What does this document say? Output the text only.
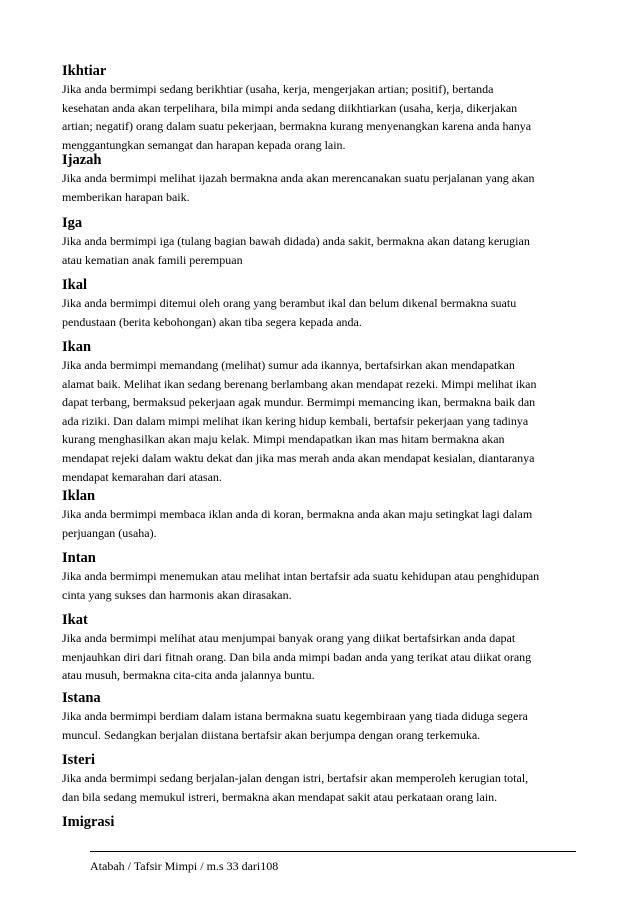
Ikhtiar

Jika anda bermimpi sedang berikhtiar (usaha, kerja, mengerjakan artian; positif), bertanda
kesehatan anda akan terpelihara, bila mimpi anda sedang diikhtiarkan (usaha, kerja, dikerjakan
artian; negatif) orang dalam suatu pekerjaan, bermakna kurang menyenangkan karena anda hanya
menggantungkan semangat dan harapan kepada orang lain.

Ijazah

Jika anda bermimpi melihat ijazah bermakna anda akan merencanakan suatu perjalanan yang akan
memberikan harapan baik.

Iga

Jika anda bermimpi iga (tulang bagian bawah didada) anda sakit, bermakna akan datang kerugian
atau kematian anak famili perempuan

Ikal

Jika anda bermimpi ditemui oleh orang yang berambut ikal dan belum dikenal bermakna suatu
pendustaan (berita kebohongan) akan tiba segera kepada anda.

Ikan

Jika anda bermimpi memandang (melihat) sumur ada ikannya, bertafsirkan akan mendapatkan
alamat baik. Melihat ikan sedang berenang berlambang akan mendapat rezeki. Mimpi melihat ikan
dapat terbang, bermaksud pekerjaan agak mundur. Bermimpi memancing ikan, bermakna baik dan
ada riziki. Dan dalam mimpi melihat ikan kering hidup kembali, bertafsir pekerjaan yang tadinya
kurang menghasilkan akan maju kelak. Mimpi mendapatkan ikan mas hitam bermakna akan
mendapat rejeki dalam waktu dekat dan jika mas merah anda akan mendapat kesialan, diantaranya
mendapat kemarahan dari atasan.

Iklan

Jika anda bermimpi membaca iklan anda di koran, bermakna anda akan maju setingkat lagi dalam
perjuangan (usaha).

Intan

Jika anda bermimpi menemukan atau melihat intan bertafsir ada suatu kehidupan atau penghidupan
cinta yang sukses dan harmonis akan dirasakan.

Ikat

Jika anda bermimpi melihat atau menjumpai banyak orang yang diikat bertafsirkan anda dapat
menjauhkan diri dari fitnah orang. Dan bila anda mimpi badan anda yang terikat atau diikat orang
atau musuh, bermakna cita-cita anda jalannya buntu.

Istana

Jika anda bermimpi berdiam dalam istana bermakna suatu kegembiraan yang tiada diduga segera
muncul. Sedangkan berjalan diistana bertafsir akan berjumpa dengan orang terkemuka.

Isteri

Jika anda bermimpi sedang berjalan-jalan dengan istri, bertafsir akan memperoleh kerugian total,
dan bila sedang memukul istreri, bermakna akan mendapat sakit atau perkataan orang lain.

Imigrasi
Atabah / Tafsir Mimpi / m.s 33 dari108
